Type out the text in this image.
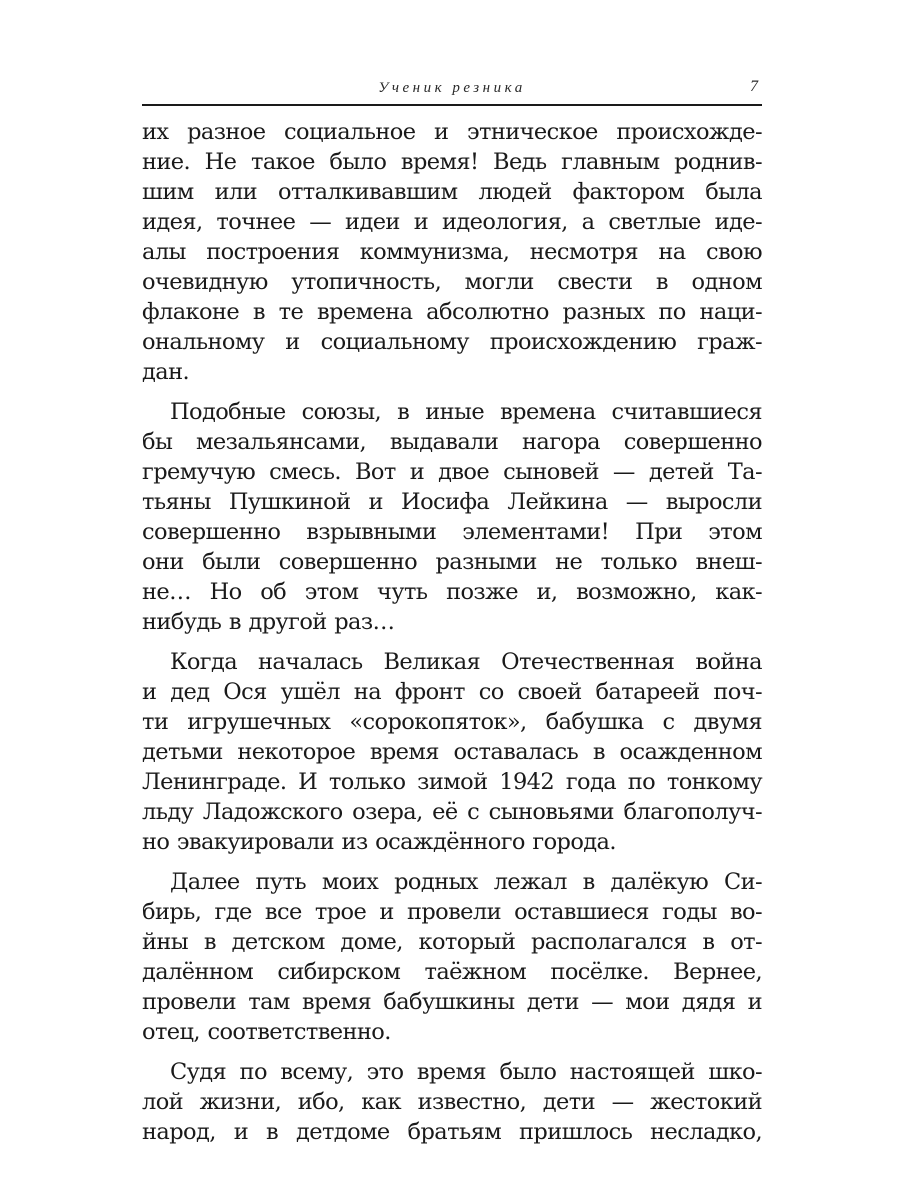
Ученик резника	7
их разное социальное и этническое происхожде-
ние. Не такое было время! Ведь главным роднив-
шим или отталкивавшим людей фактором была
идея, точнее — идеи и идеология, а светлые иде-
алы построения коммунизма, несмотря на свою
очевидную утопичность, могли свести в одном
флаконе в те времена абсолютно разных по наци-
ональному и социальному происхождению граж-
дан.
Подобные союзы, в иные времена считавшиеся
бы мезальянсами, выдавали нагора совершенно
гремучую смесь. Вот и двое сыновей — детей Та-
тьяны Пушкиной и Иосифа Лейкина — выросли
совершенно взрывными элементами! При этом
они были совершенно разными не только внеш-
не… Но об этом чуть позже и, возможно, как-
нибудь в другой раз…
Когда началась Великая Отечественная война
и дед Ося ушёл на фронт со своей батареей поч-
ти игрушечных «сорокопяток», бабушка с двумя
детьми некоторое время оставалась в осажденном
Ленинграде. И только зимой 1942 года по тонкому
льду Ладожского озера, её с сыновьями благополуч-
но эвакуировали из осаждённого города.
Далее путь моих родных лежал в далёкую Си-
бирь, где все трое и провели оставшиеся годы во-
йны в детском доме, который располагался в от-
далённом сибирском таёжном посёлке. Вернее,
провели там время бабушкины дети — мои дядя и
отец, соответственно.
Судя по всему, это время было настоящей шко-
лой жизни, ибо, как известно, дети — жестокий
народ, и в детдоме братьям пришлось несладко,
